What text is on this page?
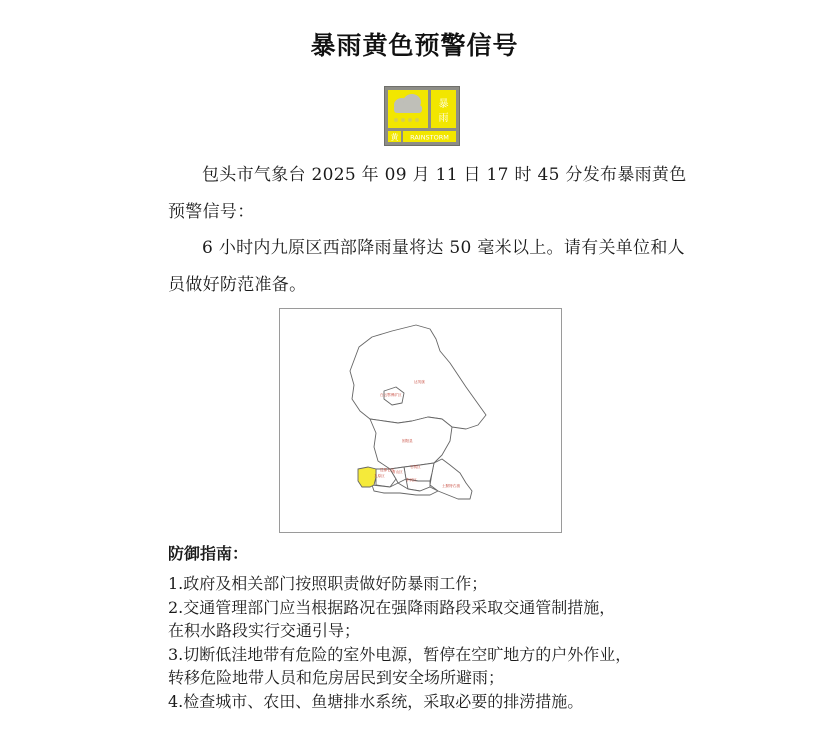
暴雨黄色预警信号
暴
雨
黄 RAINSTORM
包头市气象台 2025 年 09 月 11 日 17 时 45 分发布暴雨黄色预警信号：
6 小时内九原区西部降雨量将达 50 毫米以上。请有关单位和人员做好防范准备。
达茂旗
白云鄂博矿区
固阳县
土默特右旗
九原区
昆都仑区
青山区
石拐区
东河区
防御指南：
1.政府及相关部门按照职责做好防暴雨工作；
2.交通管理部门应当根据路况在强降雨路段采取交通管制措施，
在积水路段实行交通引导；
3.切断低洼地带有危险的室外电源，暂停在空旷地方的户外作业，
转移危险地带人员和危房居民到安全场所避雨；
4.检查城市、农田、鱼塘排水系统，采取必要的排涝措施。
